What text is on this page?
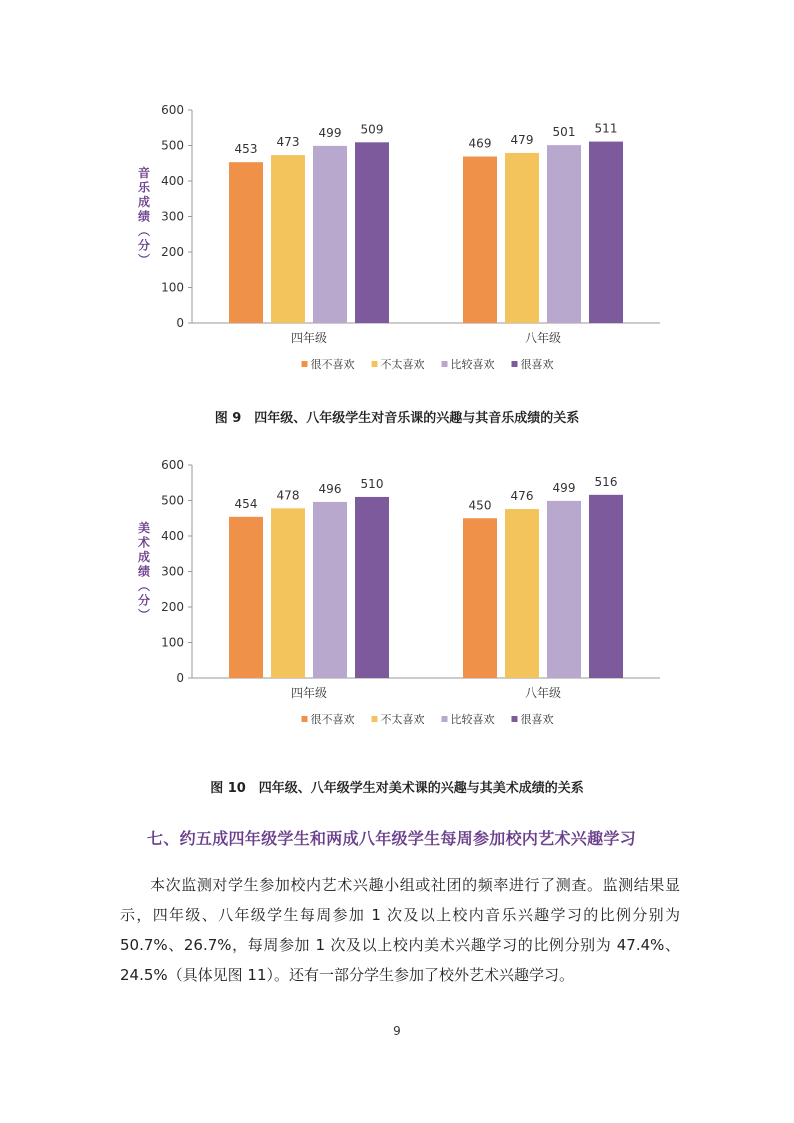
0
100
200
300
400
500
600
音乐成绩︵分︶
453
473
499 509
四年级
469 479
501 511
八年级
很不喜欢 不太喜欢 比较喜欢 很喜欢
图 9　四年级、八年级学生对音乐课的兴趣与其音乐成绩的关系
0
100
200
300
400
500
600
美术成绩︵分︶
454
478 496 510
四年级
450
476
499 516
八年级
很不喜欢 不太喜欢 比较喜欢 很喜欢
图 10　四年级、八年级学生对美术课的兴趣与其美术成绩的关系
七、约五成四年级学生和两成八年级学生每周参加校内艺术兴趣学习

本次监测对学生参加校内艺术兴趣小组或社团的频率进行了测查。监测结果显示，四年级、八年级学生每周参加 1 次及以上校内音乐兴趣学习的比例分别为 50.7%、26.7%，每周参加 1 次及以上校内美术兴趣学习的比例分别为 47.4%、24.5%（具体见图 11）。还有一部分学生参加了校外艺术兴趣学习。

9
